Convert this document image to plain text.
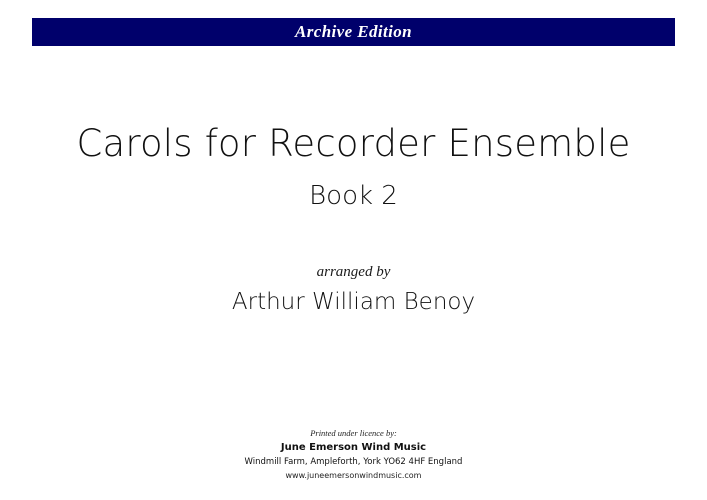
Archive Edition
Carols for Recorder Ensemble
Book 2
arranged by
Arthur William Benoy
Printed under licence by:
June Emerson Wind Music
Windmill Farm, Ampleforth, York YO62 4HF England
www.juneemersonwindmusic.com
